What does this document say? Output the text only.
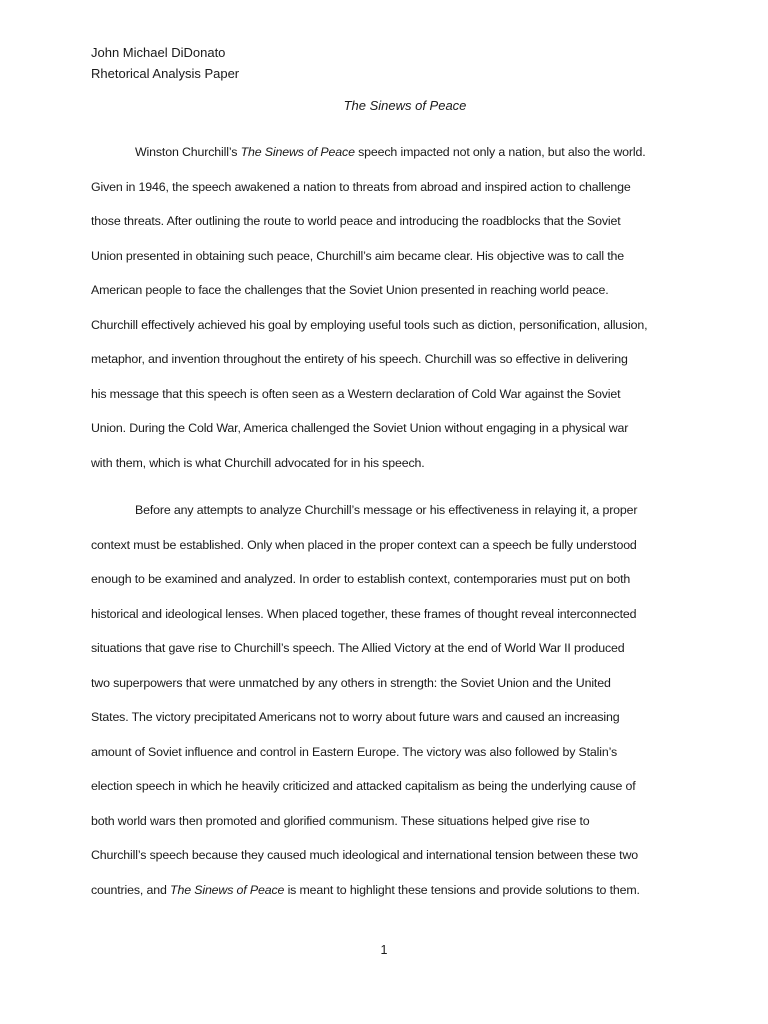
John Michael DiDonato
Rhetorical Analysis Paper
The Sinews of Peace
Winston Churchill’s The Sinews of Peace speech impacted not only a nation, but also the world.
Given in 1946, the speech awakened a nation to threats from abroad and inspired action to challenge
those threats. After outlining the route to world peace and introducing the roadblocks that the Soviet
Union presented in obtaining such peace, Churchill’s aim became clear. His objective was to call the
American people to face the challenges that the Soviet Union presented in reaching world peace.
Churchill effectively achieved his goal by employing useful tools such as diction, personification, allusion,
metaphor, and invention throughout the entirety of his speech. Churchill was so effective in delivering
his message that this speech is often seen as a Western declaration of Cold War against the Soviet
Union. During the Cold War, America challenged the Soviet Union without engaging in a physical war
with them, which is what Churchill advocated for in his speech.
Before any attempts to analyze Churchill’s message or his effectiveness in relaying it, a proper
context must be established. Only when placed in the proper context can a speech be fully understood
enough to be examined and analyzed. In order to establish context, contemporaries must put on both
historical and ideological lenses. When placed together, these frames of thought reveal interconnected
situations that gave rise to Churchill’s speech. The Allied Victory at the end of World War II produced
two superpowers that were unmatched by any others in strength: the Soviet Union and the United
States. The victory precipitated Americans not to worry about future wars and caused an increasing
amount of Soviet influence and control in Eastern Europe. The victory was also followed by Stalin’s
election speech in which he heavily criticized and attacked capitalism as being the underlying cause of
both world wars then promoted and glorified communism. These situations helped give rise to
Churchill’s speech because they caused much ideological and international tension between these two
countries, and The Sinews of Peace is meant to highlight these tensions and provide solutions to them.
1
